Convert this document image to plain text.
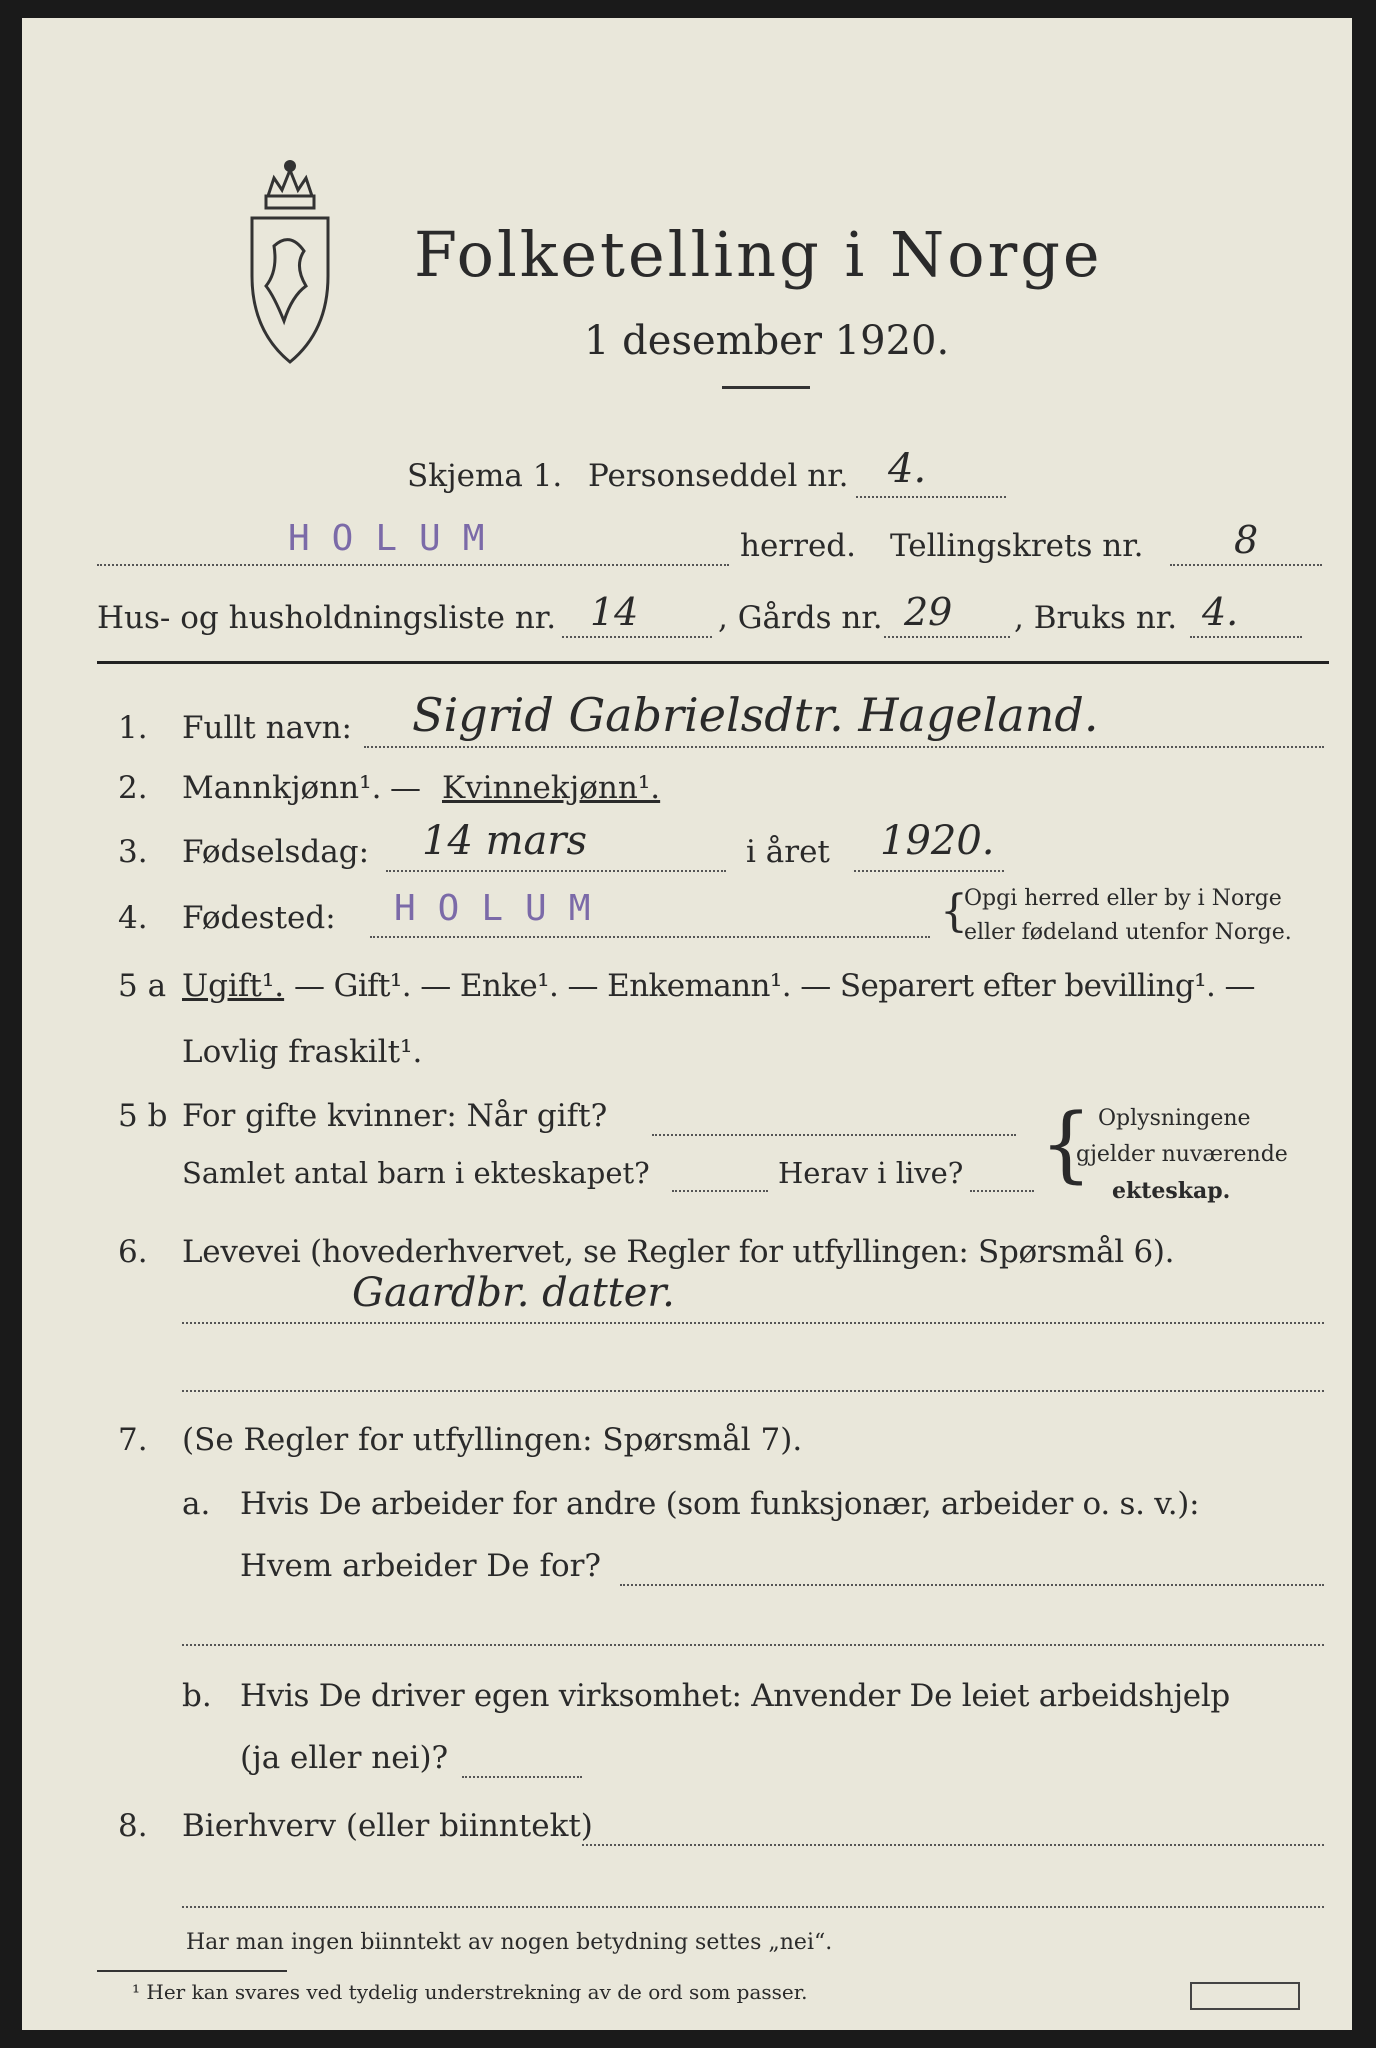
Folketelling i Norge
1 desember 1920.
Skjema 1. Personseddel nr. 4.
HOLUM	herred. Tellingskrets nr. 8
Hus- og husholdningsliste nr. 14	, Gårds nr. 29 , Bruks nr. 4.
1. Fullt navn: Sigrid Gabrielsdtr. Hageland.
2. Mannkjønn¹. — Kvinnekjønn¹.
3. Fødselsdag: 14 mars	i året 1920.
4. Fødested: HOLUM	{
Opgi herred eller by i Norge
eller fødeland utenfor Norge.
5 a Ugift¹. — Gift¹. — Enke¹. — Enkemann¹. — Separert efter bevilling¹. —
Lovlig fraskilt¹.
5 b For gifte kvinner: Når gift?
Samlet antal barn i ekteskapet?	Herav i live? { Oplysningene
gjelder nuværende
ekteskap.
6. Levevei (hovederhvervet, se Regler for utfyllingen: Spørsmål 6).
Gaardbr. datter.
7. (Se Regler for utfyllingen: Spørsmål 7).
a. Hvis De arbeider for andre (som funksjonær, arbeider o. s. v.):
Hvem arbeider De for?
b. Hvis De driver egen virksomhet: Anvender De leiet arbeidshjelp
(ja eller nei)?
8. Bierhverv (eller biinntekt)
Har man ingen biinntekt av nogen betydning settes „nei“.
¹ Her kan svares ved tydelig understrekning av de ord som passer.
